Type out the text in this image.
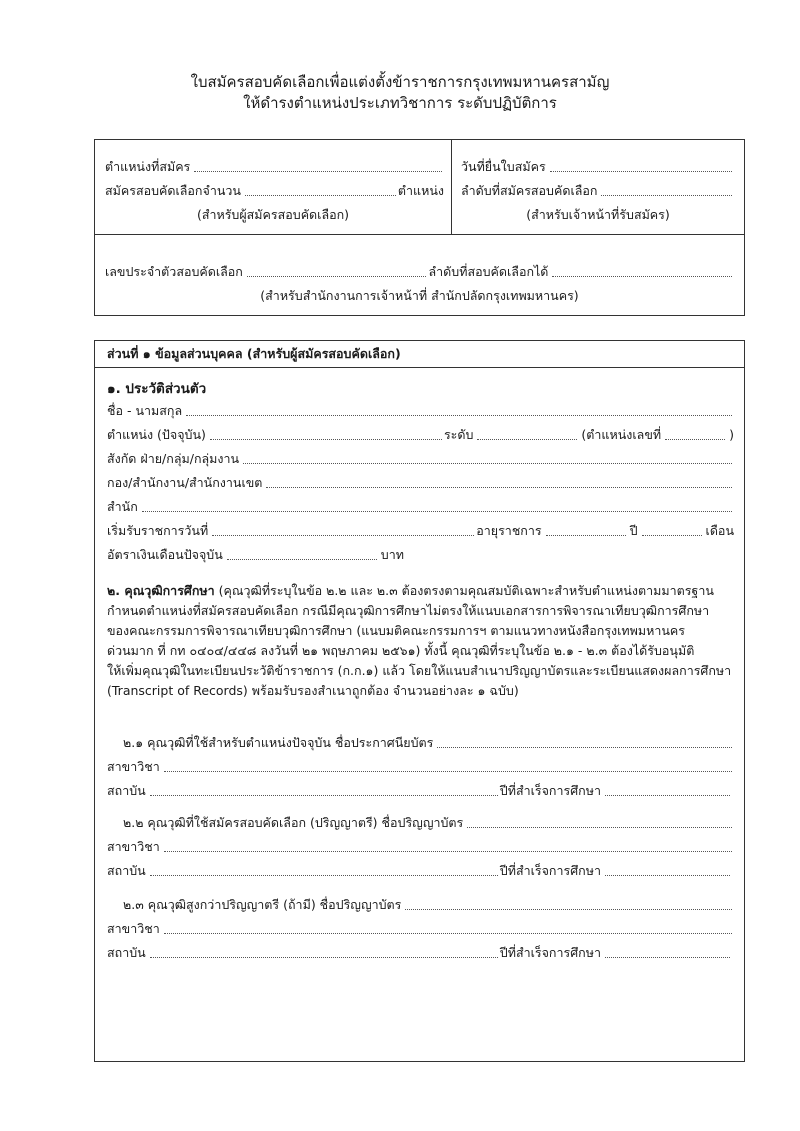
ใบสมัครสอบคัดเลือกเพื่อแต่งตั้งข้าราชการกรุงเทพมหานครสามัญ
ให้ดำรงตำแหน่งประเภทวิชาการ ระดับปฏิบัติการ
ตำแหน่งที่สมัคร
สมัครสอบคัดเลือกจำนวน	ตำแหน่ง
(สำหรับผู้สมัครสอบคัดเลือก)
วันที่ยื่นใบสมัคร
ลำดับที่สมัครสอบคัดเลือก
(สำหรับเจ้าหน้าที่รับสมัคร)
เลขประจำตัวสอบคัดเลือก	ลำดับที่สอบคัดเลือกได้
(สำหรับสำนักงานการเจ้าหน้าที่ สำนักปลัดกรุงเทพมหานคร)
ส่วนที่ ๑ ข้อมูลส่วนบุคคล (สำหรับผู้สมัครสอบคัดเลือก)
๑. ประวัติส่วนตัว
ชื่อ - นามสกุล
ตำแหน่ง (ปัจจุบัน)	ระดับ	(ตำแหน่งเลขที่	)
สังกัด ฝ่าย/กลุ่ม/กลุ่มงาน
กอง/สำนักงาน/สำนักงานเขต
สำนัก
เริ่มรับราชการวันที่	อายุราชการ	ปี	เดือน
อัตราเงินเดือนปัจจุบัน	บาท
๒. คุณวุฒิการศึกษา (คุณวุฒิที่ระบุในข้อ ๒.๒ และ ๒.๓ ต้องตรงตามคุณสมบัติเฉพาะสำหรับตำแหน่งตามมาตรฐาน
กำหนดตำแหน่งที่สมัครสอบคัดเลือก กรณีมีคุณวุฒิการศึกษาไม่ตรงให้แนบเอกสารการพิจารณาเทียบวุฒิการศึกษา
ของคณะกรรมการพิจารณาเทียบวุฒิการศึกษา (แนบมติคณะกรรมการฯ ตามแนวทางหนังสือกรุงเทพมหานคร
ด่วนมาก ที่ กท ๐๔๐๔/๔๔๘ ลงวันที่ ๒๑ พฤษภาคม ๒๕๖๑) ทั้งนี้ คุณวุฒิที่ระบุในข้อ ๒.๑ - ๒.๓ ต้องได้รับอนุมัติ
ให้เพิ่มคุณวุฒิในทะเบียนประวัติข้าราชการ (ก.ก.๑) แล้ว โดยให้แนบสำเนาปริญญาบัตรและระเบียนแสดงผลการศึกษา
(Transcript of Records) พร้อมรับรองสำเนาถูกต้อง จำนวนอย่างละ ๑ ฉบับ)
๒.๑ คุณวุฒิที่ใช้สำหรับตำแหน่งปัจจุบัน ชื่อประกาศนียบัตร
สาขาวิชา
สถาบัน	ปีที่สำเร็จการศึกษา
๒.๒ คุณวุฒิที่ใช้สมัครสอบคัดเลือก (ปริญญาตรี) ชื่อปริญญาบัตร
สาขาวิชา
สถาบัน	ปีที่สำเร็จการศึกษา
๒.๓ คุณวุฒิสูงกว่าปริญญาตรี (ถ้ามี) ชื่อปริญญาบัตร
สาขาวิชา
สถาบัน	ปีที่สำเร็จการศึกษา
